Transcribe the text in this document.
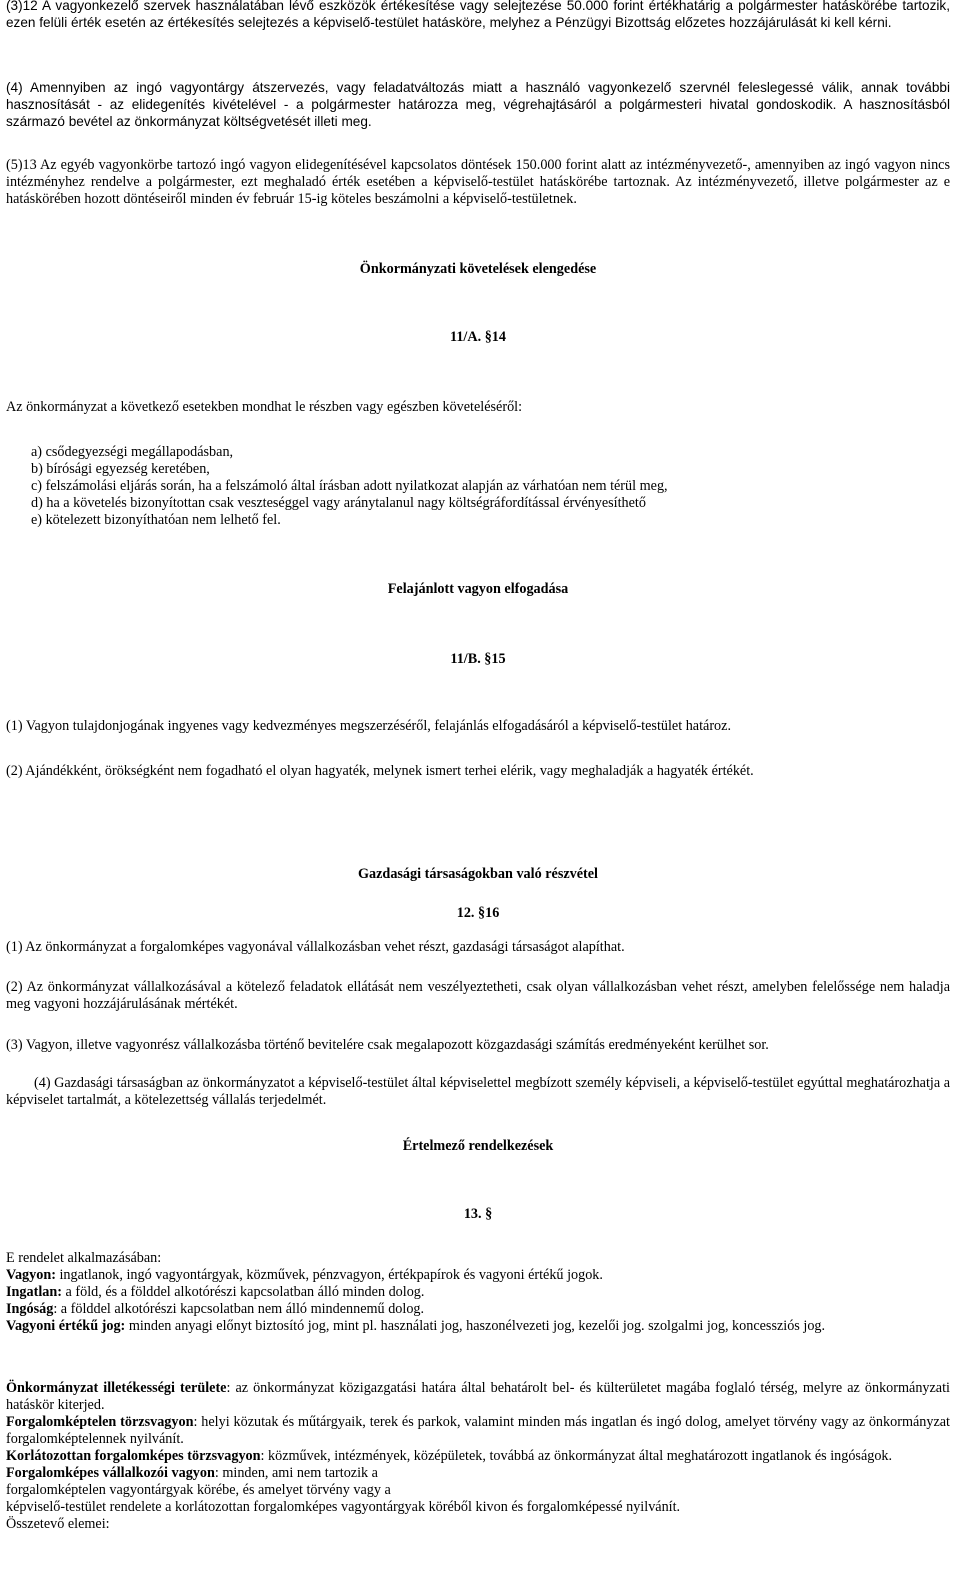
(3)12 A vagyonkezelő szervek használatában lévő eszközök értékesítése vagy selejtezése 50.000 forint értékhatárig a polgármester hatáskörébe tartozik, ezen felüli érték esetén az értékesítés selejtezés a képviselő-testület hatásköre, melyhez a Pénzügyi Bizottság előzetes hozzájárulását ki kell kérni.

(4) Amennyiben az ingó vagyontárgy átszervezés, vagy feladatváltozás miatt a használó vagyonkezelő szervnél feleslegessé válik, annak további hasznosítását - az elidegenítés kivételével - a polgármester határozza meg, végrehajtásáról a polgármesteri hivatal gondoskodik. A hasznosításból származó bevétel az önkormányzat költségvetését illeti meg.

(5)13 Az egyéb vagyonkörbe tartozó ingó vagyon elidegenítésével kapcsolatos döntések 150.000 forint alatt az intézményvezető-, amennyiben az ingó vagyon nincs intézményhez rendelve a polgármester, ezt meghaladó érték esetében a képviselő-testület hatáskörébe tartoznak. Az intézményvezető, illetve polgármester az e hatáskörében hozott döntéseiről minden év február 15-ig köteles beszámolni a képviselő-testületnek.

Önkormányzati követelések elengedése

11/A. §14

Az önkormányzat a következő esetekben mondhat le részben vagy egészben követeléséről:

a) csődegyezségi megállapodásban,
b) bírósági egyezség keretében,
c) felszámolási eljárás során, ha a felszámoló által írásban adott nyilatkozat alapján az várhatóan nem térül meg,
d) ha a követelés bizonyítottan csak veszteséggel vagy aránytalanul nagy költségráfordítással érvényesíthető
e) kötelezett bizonyíthatóan nem lelhető fel.

Felajánlott vagyon elfogadása

11/B. §15

(1) Vagyon tulajdonjogának ingyenes vagy kedvezményes megszerzéséről, felajánlás elfogadásáról a képviselő-testület határoz.

(2) Ajándékként, örökségként nem fogadható el olyan hagyaték, melynek ismert terhei elérik, vagy meghaladják a hagyaték értékét.

Gazdasági társaságokban való részvétel

12. §16

(1) Az önkormányzat a forgalomképes vagyonával vállalkozásban vehet részt, gazdasági társaságot alapíthat.

(2) Az önkormányzat vállalkozásával a kötelező feladatok ellátását nem veszélyeztetheti, csak olyan vállalkozásban vehet részt, amelyben felelőssége nem haladja meg vagyoni hozzájárulásának mértékét.

(3) Vagyon, illetve vagyonrész vállalkozásba történő bevitelére csak megalapozott közgazdasági számítás eredményeként kerülhet sor.

(4) Gazdasági társaságban az önkormányzatot a képviselő-testület által képviselettel megbízott személy képviseli, a képviselő-testület egyúttal meghatározhatja a képviselet tartalmát, a kötelezettség vállalás terjedelmét.

Értelmező rendelkezések

13. §

E rendelet alkalmazásában:

Vagyon: ingatlanok, ingó vagyontárgyak, közművek, pénzvagyon, értékpapírok és vagyoni értékű jogok.

Ingatlan: a föld, és a földdel alkotórészi kapcsolatban álló minden dolog.

Ingóság: a földdel alkotórészi kapcsolatban nem álló mindennemű dolog.

Vagyoni értékű jog: minden anyagi előnyt biztosító jog, mint pl. használati jog, haszonélvezeti jog, kezelői jog. szolgalmi jog, koncessziós jog.

Önkormányzat illetékességi területe: az önkormányzat közigazgatási határa által behatárolt bel- és külterületet magába foglaló térség, melyre az önkormányzati hatáskör kiterjed.

Forgalomképtelen törzsvagyon: helyi közutak és műtárgyaik, terek és parkok, valamint minden más ingatlan és ingó dolog, amelyet törvény vagy az önkormányzat forgalomképtelennek nyilvánít.

Korlátozottan forgalomképes törzsvagyon: közművek, intézmények, középületek, továbbá az önkormányzat által meghatározott ingatlanok és ingóságok.

Forgalomképes vállalkozói vagyon: minden, ami nem tartozik a

forgalomképtelen vagyontárgyak körébe, és amelyet törvény vagy a

képviselő-testület rendelete a korlátozottan forgalomképes vagyontárgyak köréből kivon és forgalomképessé nyilvánít.

Összetevő elemei:
